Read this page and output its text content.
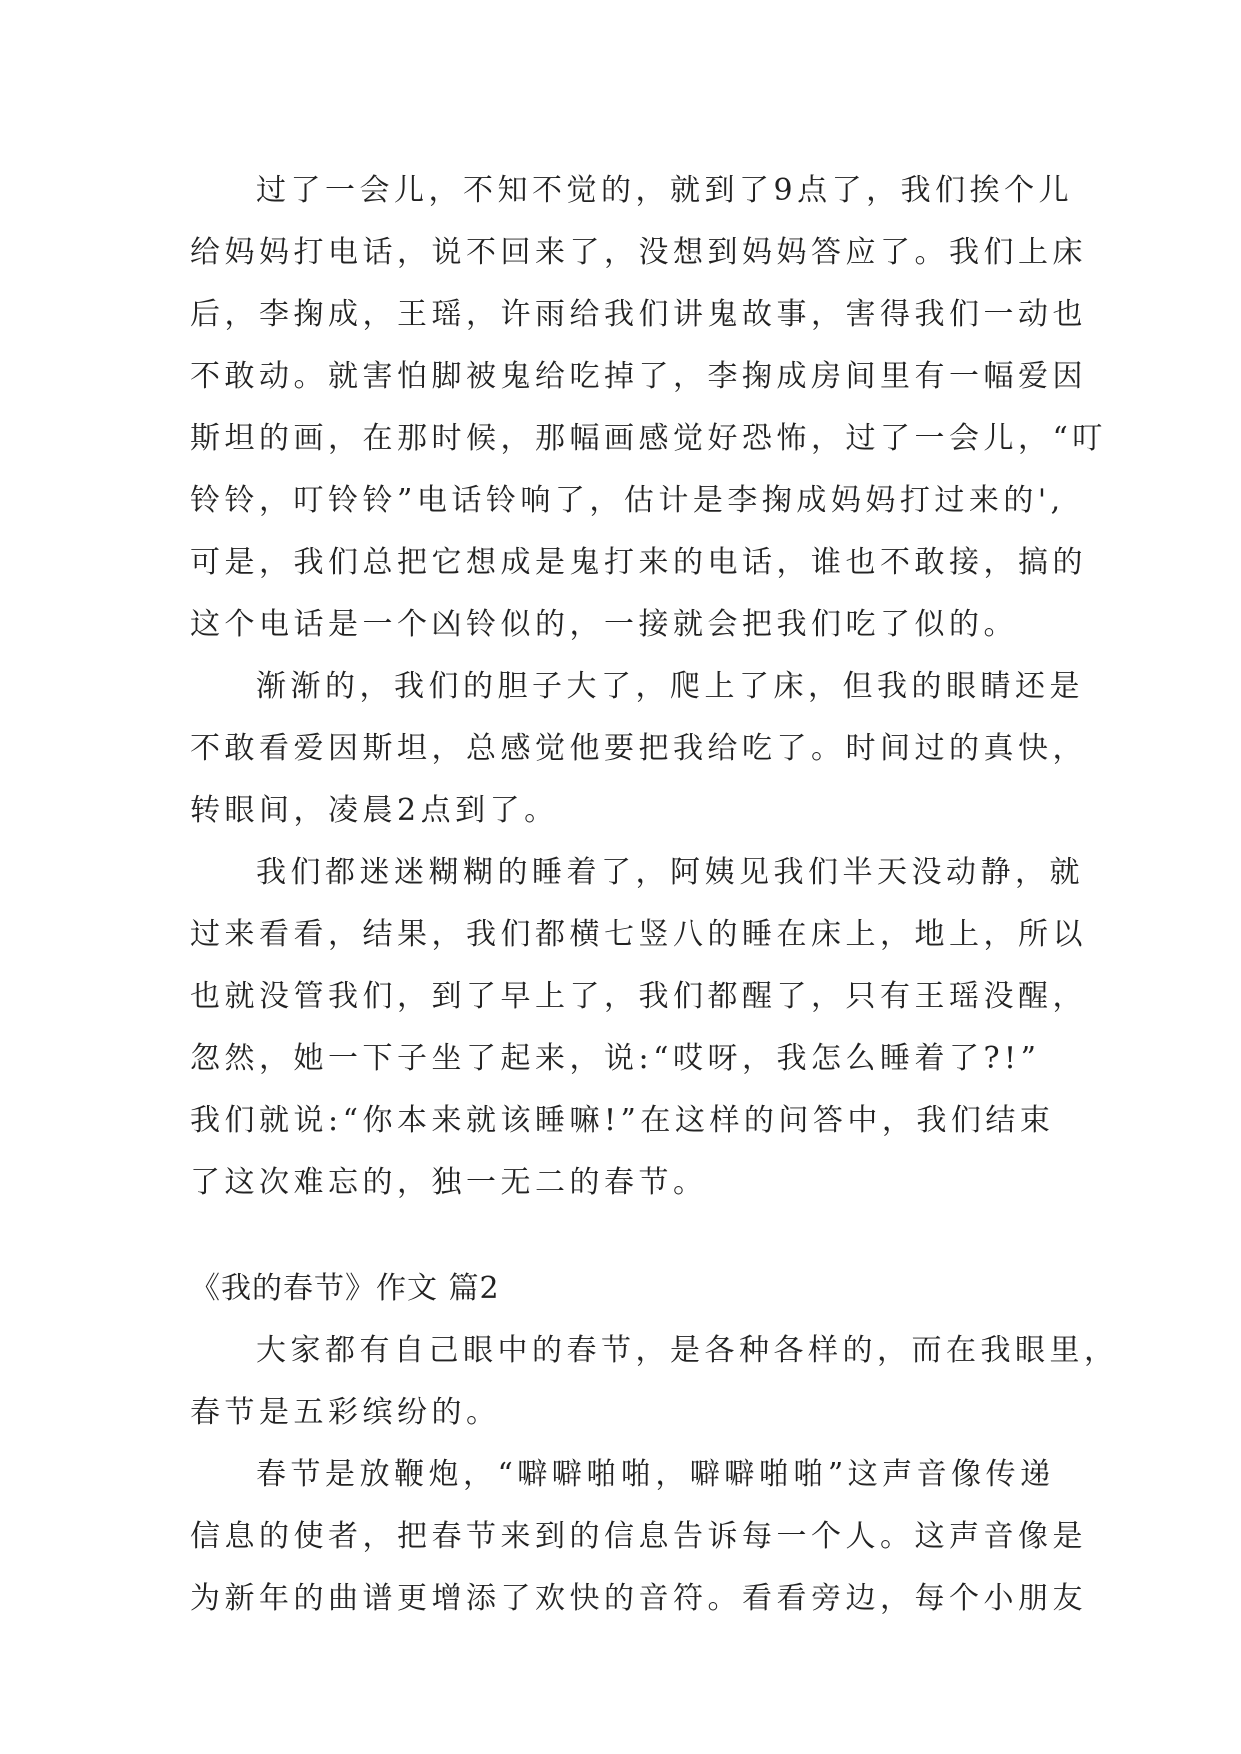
过了一会儿，不知不觉的，就到了9点了，我们挨个儿
给妈妈打电话，说不回来了，没想到妈妈答应了。我们上床
后，李掬成，王瑶，许雨给我们讲鬼故事，害得我们一动也
不敢动。就害怕脚被鬼给吃掉了，李掬成房间里有一幅爱因
斯坦的画，在那时候，那幅画感觉好恐怖，过了一会儿，“叮
铃铃，叮铃铃”电话铃响了，估计是李掬成妈妈打过来的',
可是，我们总把它想成是鬼打来的电话，谁也不敢接，搞的
这个电话是一个凶铃似的，一接就会把我们吃了似的。
渐渐的，我们的胆子大了，爬上了床，但我的眼睛还是
不敢看爱因斯坦，总感觉他要把我给吃了。时间过的真快，
转眼间，凌晨2点到了。
我们都迷迷糊糊的睡着了，阿姨见我们半天没动静，就
过来看看，结果，我们都横七竖八的睡在床上，地上，所以
也就没管我们，到了早上了，我们都醒了，只有王瑶没醒，
忽然，她一下子坐了起来，说:“哎呀，我怎么睡着了?!”
我们就说:“你本来就该睡嘛!”在这样的问答中，我们结束
了这次难忘的，独一无二的春节。
《我的春节》作文 篇2
大家都有自己眼中的春节，是各种各样的，而在我眼里，
春节是五彩缤纷的。
春节是放鞭炮，“噼噼啪啪，噼噼啪啪”这声音像传递
信息的使者，把春节来到的信息告诉每一个人。这声音像是
为新年的曲谱更增添了欢快的音符。看看旁边，每个小朋友
